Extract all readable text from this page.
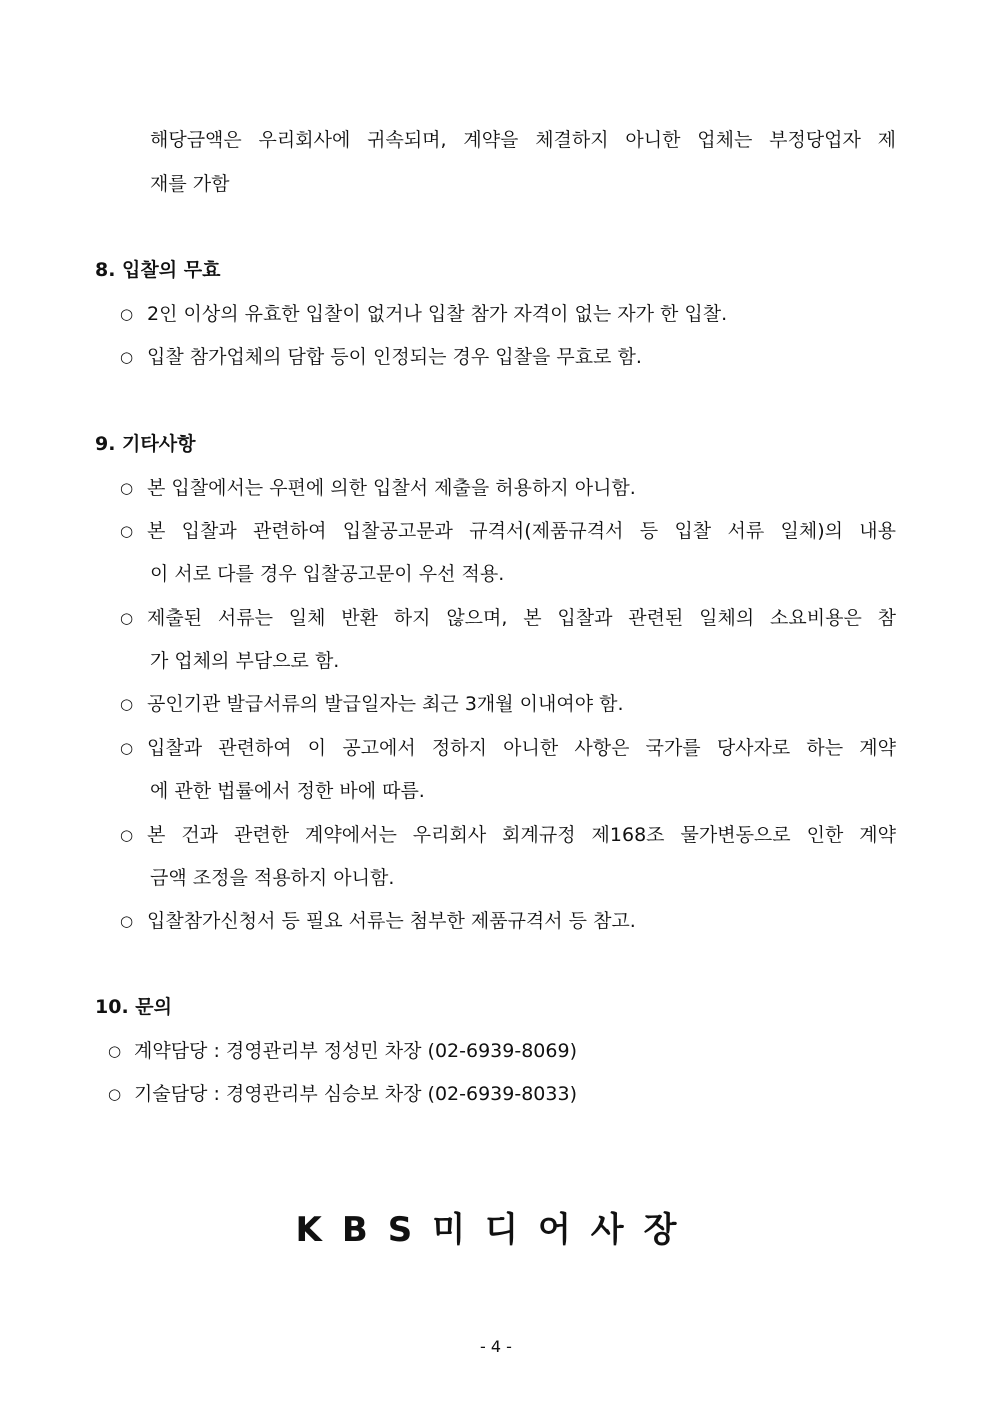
해당금액은 우리회사에 귀속되며, 계약을 체결하지 아니한 업체는 부정당업자 제
재를 가함
8. 입찰의 무효
○ 2인 이상의 유효한 입찰이 없거나 입찰 참가 자격이 없는 자가 한 입찰.
○ 입찰 참가업체의 담합 등이 인정되는 경우 입찰을 무효로 함.
9. 기타사항
○ 본 입찰에서는 우편에 의한 입찰서 제출을 허용하지 아니함.
○ 본 입찰과 관련하여 입찰공고문과 규격서(제품규격서 등 입찰 서류 일체)의 내용
이 서로 다를 경우 입찰공고문이 우선 적용.
○ 제출된 서류는 일체 반환 하지 않으며, 본 입찰과 관련된 일체의 소요비용은 참
가 업체의 부담으로 함.
○ 공인기관 발급서류의 발급일자는 최근 3개월 이내여야 함.
○ 입찰과 관련하여 이 공고에서 정하지 아니한 사항은 국가를 당사자로 하는 계약
에 관한 법률에서 정한 바에 따름.
○ 본 건과 관련한 계약에서는 우리회사 회계규정 제168조 물가변동으로 인한 계약
금액 조정을 적용하지 아니함.
○ 입찰참가신청서 등 필요 서류는 첨부한 제품규격서 등 참고.
10. 문의
○ 계약담당 : 경영관리부 정성민 차장 (02-6939-8069)
○ 기술담당 : 경영관리부 심승보 차장 (02-6939-8033)
KBS미디어사장
- 4 -
